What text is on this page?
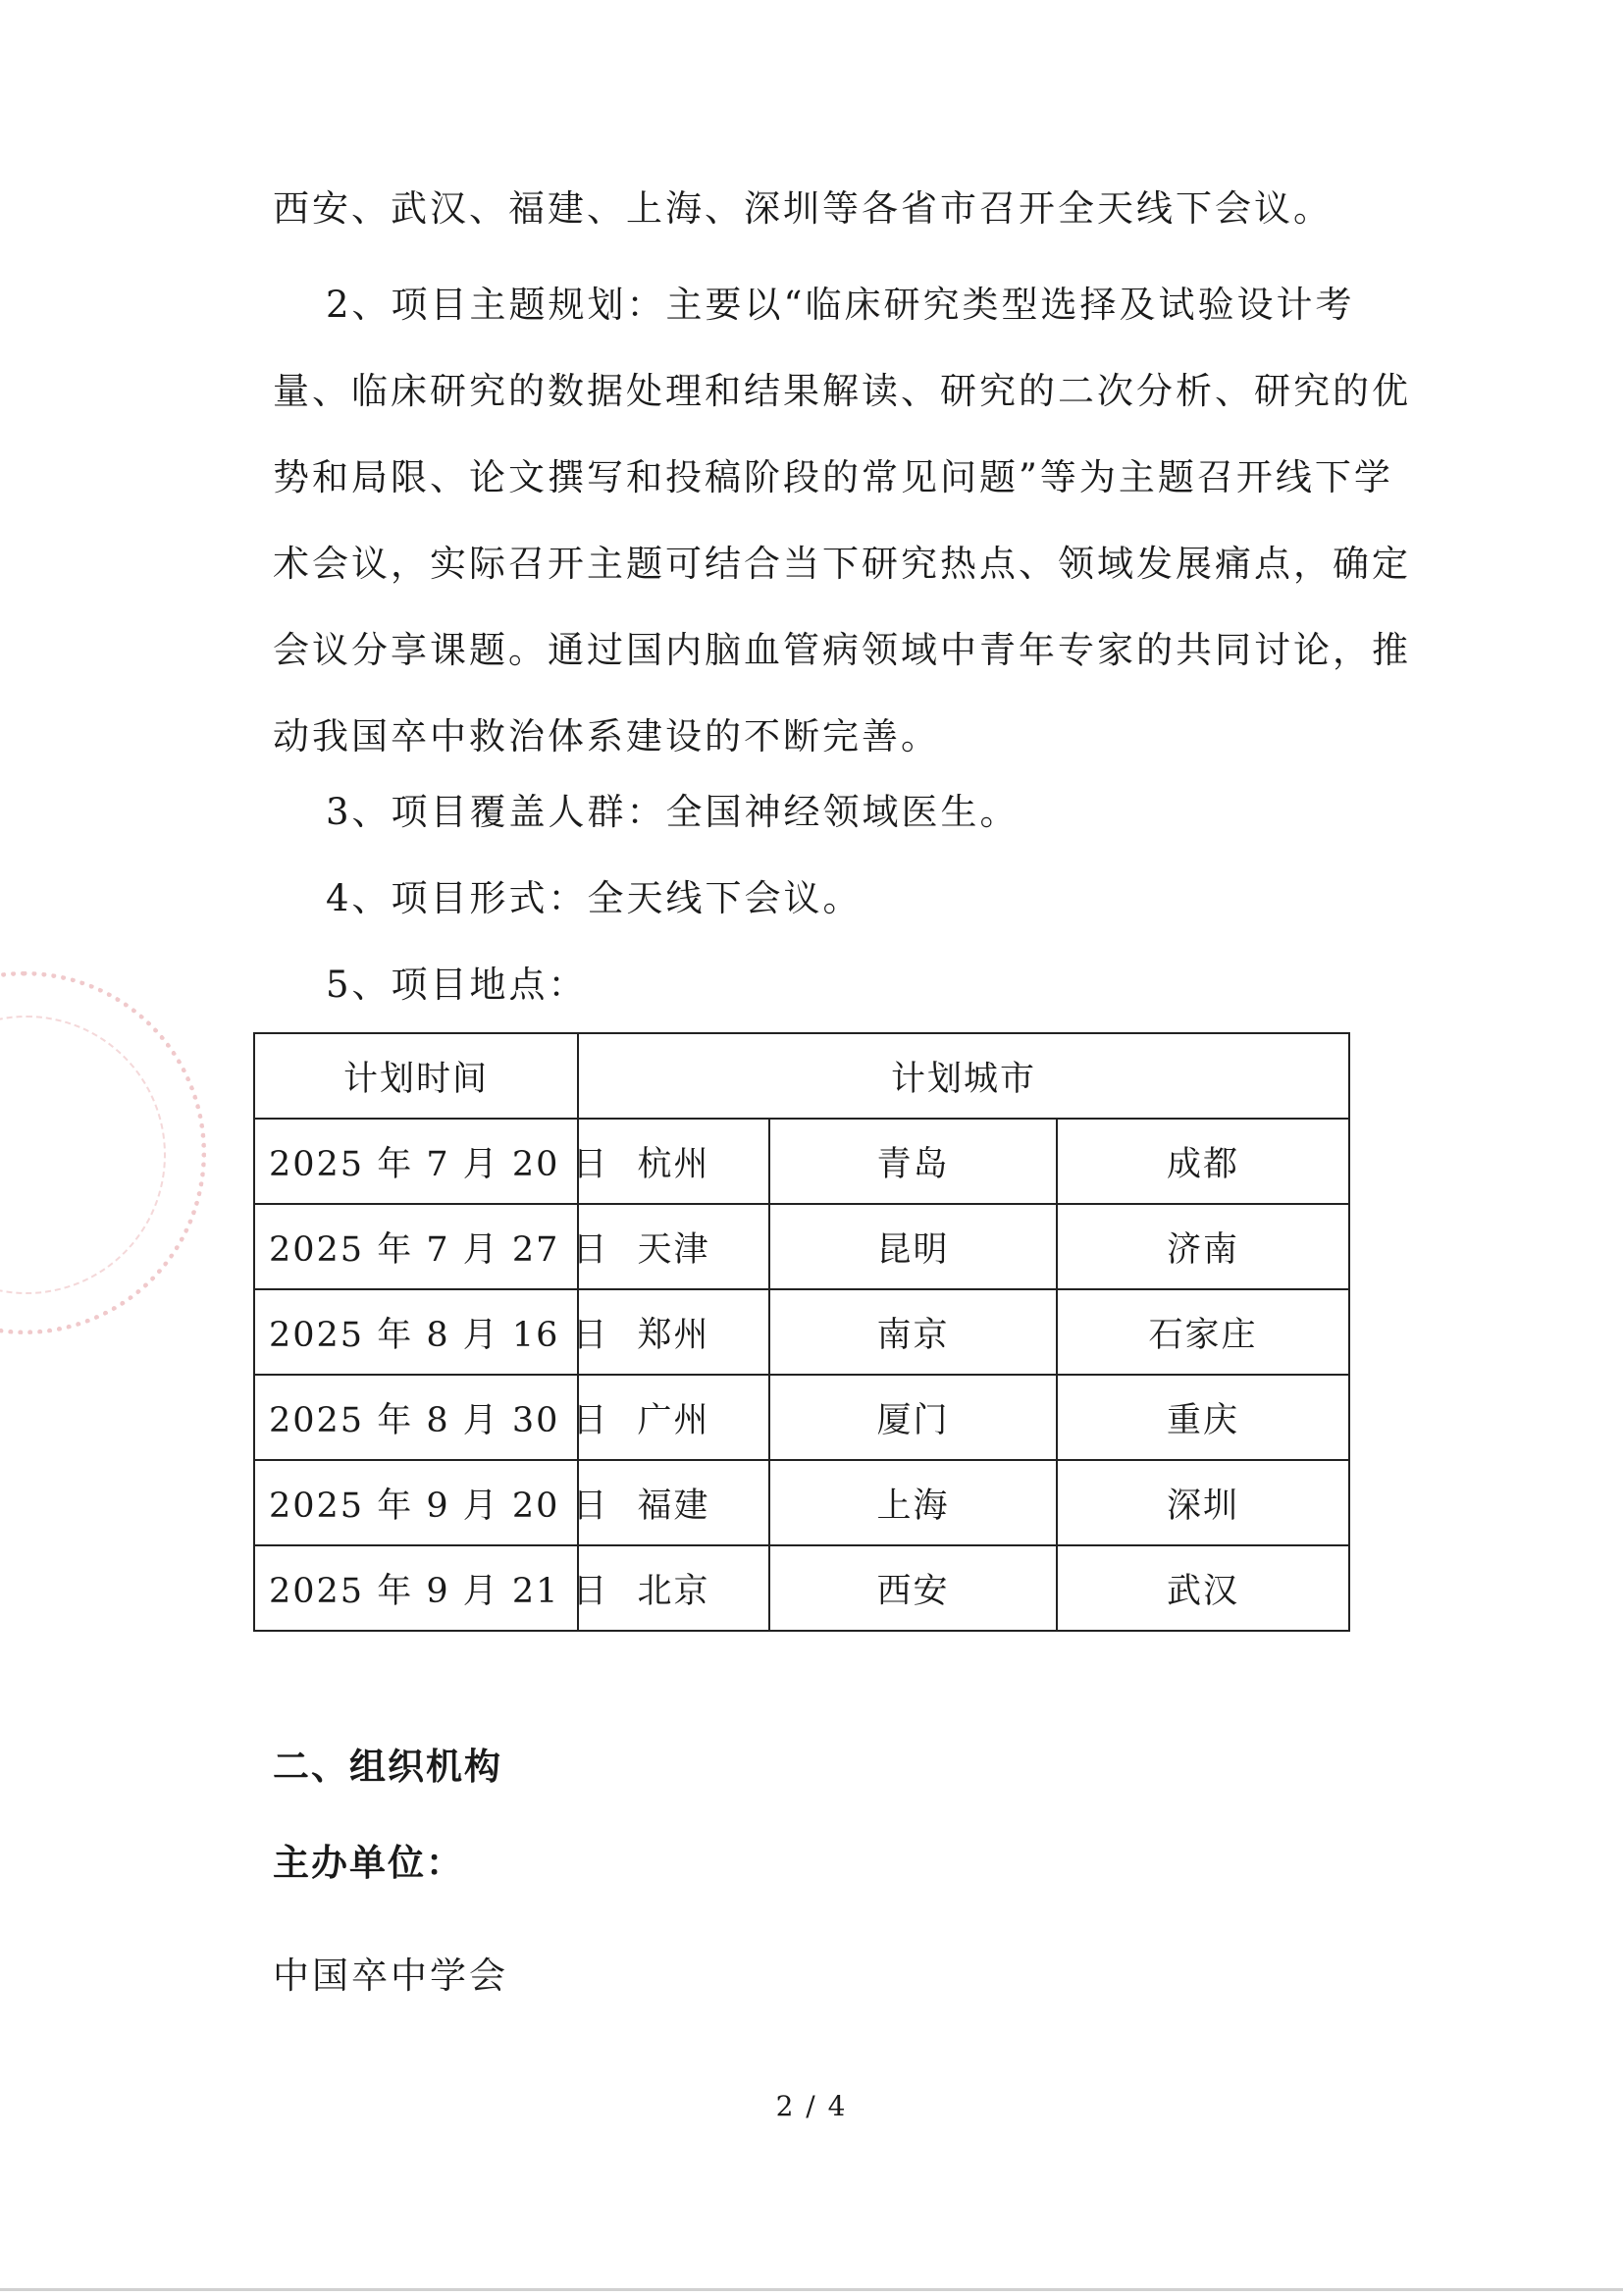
西安、武汉、福建、上海、深圳等各省市召开全天线下会议。

2、项目主题规划：主要以“临床研究类型选择及试验设计考量、临床研究的数据处理和结果解读、研究的二次分析、研究的优势和局限、论文撰写和投稿阶段的常见问题”等为主题召开线下学术会议，实际召开主题可结合当下研究热点、领域发展痛点，确定会议分享课题。通过国内脑血管病领域中青年专家的共同讨论，推动我国卒中救治体系建设的不断完善。

3、项目覆盖人群：全国神经领域医生。
4、项目形式：全天线下会议。
5、项目地点：
计划时间	计划城市		
2025 年 7 月 20 日	杭州	青岛	成都
2025 年 7 月 27 日	天津	昆明	济南
2025 年 8 月 16 日	郑州	南京	石家庄
2025 年 8 月 30 日	广州	厦门	重庆
2025 年 9 月 20 日	福建	上海	深圳
2025 年 9 月 21 日	北京	西安	武汉
二、组织机构
主办单位：
中国卒中学会
2 / 4
